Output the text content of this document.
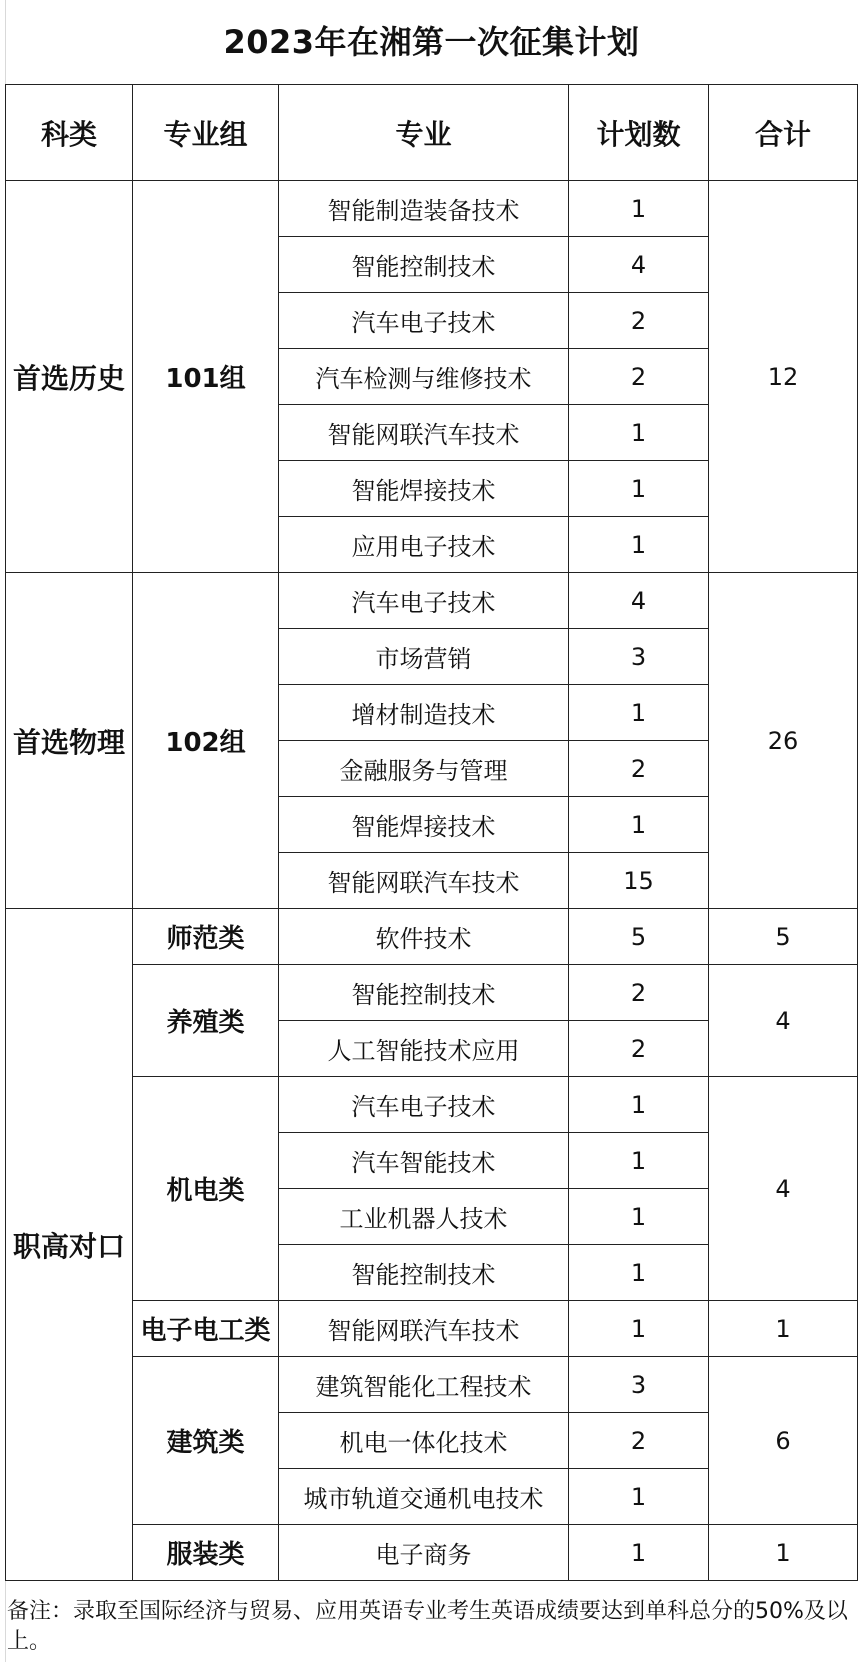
2023年在湘第一次征集计划
科类	专业组	专业	计划数	合计
首选历史	101组	智能制造装备技术	1	12
		智能控制技术	4	
		汽车电子技术	2	
		汽车检测与维修技术	2	
		智能网联汽车技术	1	
		智能焊接技术	1	
		应用电子技术	1	
首选物理	102组	汽车电子技术	4	26
		市场营销	3	
		增材制造技术	1	
		金融服务与管理	2	
		智能焊接技术	1	
		智能网联汽车技术	15	
职高对口	师范类	软件技术	5	5
	养殖类	智能控制技术	2	4
		人工智能技术应用	2	
	机电类	汽车电子技术	1	4
		汽车智能技术	1	
		工业机器人技术	1	
		智能控制技术	1	
	电子电工类	智能网联汽车技术	1	1
	建筑类	建筑智能化工程技术	3	6
		机电一体化技术	2	
		城市轨道交通机电技术	1	
	服装类	电子商务	1	1
备注：录取至国际经济与贸易、应用英语专业考生英语成绩要达到单科总分的50%及以上。
